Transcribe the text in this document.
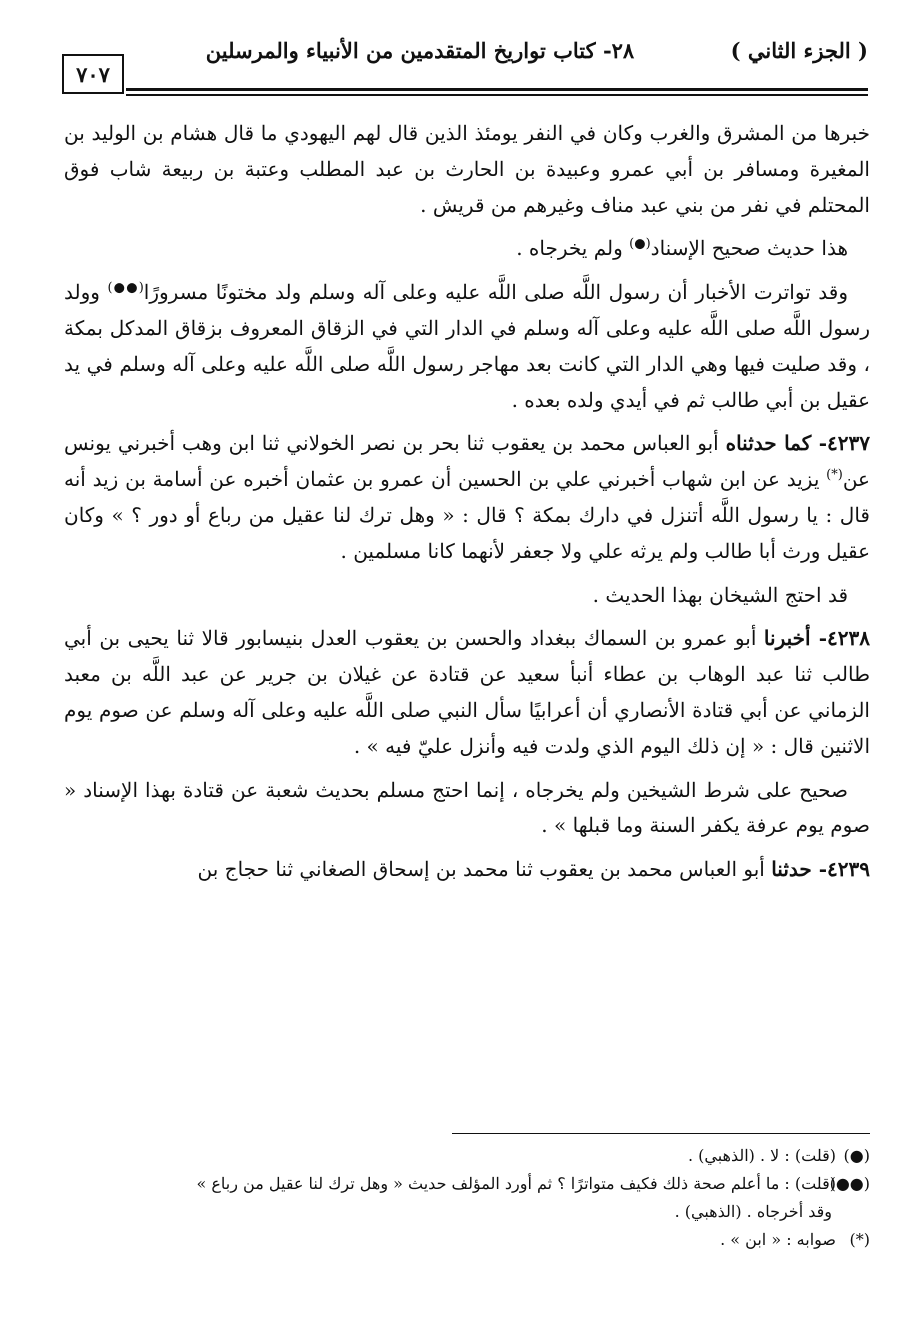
٧٠٧
( الجزء الثاني )
٢٨- كتاب تواريخ المتقدمين من الأنبياء والمرسلين

خبرها من المشرق والغرب وكان في النفر يومئذ الذين قال لهم اليهودي ما قال هشام بن الوليد بن المغيرة ومسافر بن أبي عمرو وعبيدة بن الحارث بن عبد المطلب وعتبة بن ربيعة شاب فوق المحتلم في نفر من بني عبد مناف وغيرهم من قريش .

هذا حديث صحيح الإسناد(●) ولم يخرجاه .

وقد تواترت الأخبار أن رسول اللَّه صلى اللَّه عليه وعلى آله وسلم ولد مختونًا مسرورًا(●●) وولد رسول اللَّه صلى اللَّه عليه وعلى آله وسلم في الدار التي في الزقاق المعروف بزقاق المدكل بمكة ، وقد صليت فيها وهي الدار التي كانت بعد مهاجر رسول اللَّه صلى اللَّه عليه وعلى آله وسلم في يد عقيل بن أبي طالب ثم في أيدي ولده بعده .

٤٢٣٧- كما حدثناه أبو العباس محمد بن يعقوب ثنا بحر بن نصر الخولاني ثنا ابن وهب أخبرني يونس عن(*) يزيد عن ابن شهاب أخبرني علي بن الحسين أن عمرو بن عثمان أخبره عن أسامة بن زيد أنه قال : يا رسول اللَّه أتنزل في دارك بمكة ؟ قال : « وهل ترك لنا عقيل من رباع أو دور ؟ » وكان عقيل ورث أبا طالب ولم يرثه علي ولا جعفر لأنهما كانا مسلمين .

قد احتج الشيخان بهذا الحديث .

٤٢٣٨- أخبرنا أبو عمرو بن السماك ببغداد والحسن بن يعقوب العدل بنيسابور قالا ثنا يحيى بن أبي طالب ثنا عبد الوهاب بن عطاء أنبأ سعيد عن قتادة عن غيلان بن جرير عن عبد اللَّه بن معبد الزماني عن أبي قتادة الأنصاري أن أعرابيًا سأل النبي صلى اللَّه عليه وعلى آله وسلم عن صوم يوم الاثنين قال : « إن ذلك اليوم الذي ولدت فيه وأنزل عليّ فيه » .

صحيح على شرط الشيخين ولم يخرجاه ، إنما احتج مسلم بحديث شعبة عن قتادة بهذا الإسناد « صوم يوم عرفة يكفر السنة وما قبلها » .

٤٢٣٩- حدثنا أبو العباس محمد بن يعقوب ثنا محمد بن إسحاق الصغاني ثنا حجاج بن

(●)(قلت) : لا . (الذهبي) .

(●●)(قلت) : ما أعلم صحة ذلك فكيف متواترًا ؟ ثم أورد المؤلف حديث « وهل ترك لنا عقيل من رباع »

وقد أخرجاه . (الذهبي) .

(*)صوابه : « ابن » .
